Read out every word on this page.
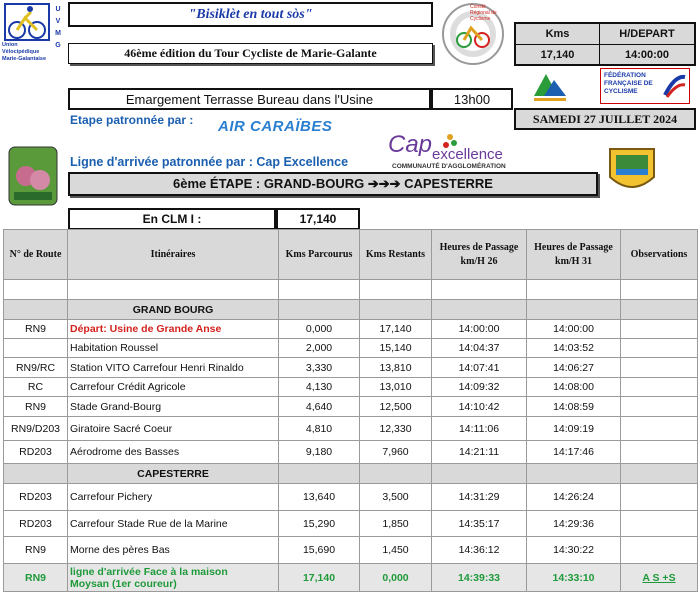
U
V
M
G
Union Vélocipédique Marie-Galantaise
"Bisiklèt en tout sòs"
46ème édition du Tour Cycliste de Marie-Galante
Comité Régional de Cyclisme
Kms	H/DEPART
17,140	14:00:00
FÉDÉRATION FRANÇAISE DE CYCLISME
Emargement Terrasse Bureau dans l'Usine	13h00
SAMEDI 27 JUILLET 2024
Etape patronnée par :	AIR CARAÏBES
Ligne d'arrivée patronnée par : Cap Excellence
Cap excellence
COMMUNAUTÉ D'AGGLOMÉRATION
6ème ÉTAPE : GRAND-BOURG ➔➔➔ CAPESTERRE
En CLM I :	17,140
N° de Route	Itinéraires	Kms Parcourus	Kms Restants	Heures de Passage km/H 26	Heures de Passage km/H 31	Observations

	GRAND BOURG					
RN9	Départ: Usine de Grande Anse	0,000	17,140	14:00:00	14:00:00	
	Habitation Roussel	2,000	15,140	14:04:37	14:03:52	
RN9/RC	Station VITO Carrefour Henri Rinaldo	3,330	13,810	14:07:41	14:06:27	
RC	Carrefour Crédit Agricole	4,130	13,010	14:09:32	14:08:00	
RN9	Stade Grand-Bourg	4,640	12,500	14:10:42	14:08:59	
RN9/D203	Giratoire Sacré Coeur	4,810	12,330	14:11:06	14:09:19	
RD203	Aérodrome des Basses	9,180	7,960	14:21:11	14:17:46	
	CAPESTERRE					
RD203	Carrefour Pichery	13,640	3,500	14:31:29	14:26:24	
RD203	Carrefour Stade Rue de la Marine	15,290	1,850	14:35:17	14:29:36	
RN9	Morne des pères Bas	15,690	1,450	14:36:12	14:30:22	
RN9	ligne d'arrivée Face à la maison
Moysan (1er coureur)	17,140	0,000	14:39:33	14:33:10	A S +S
